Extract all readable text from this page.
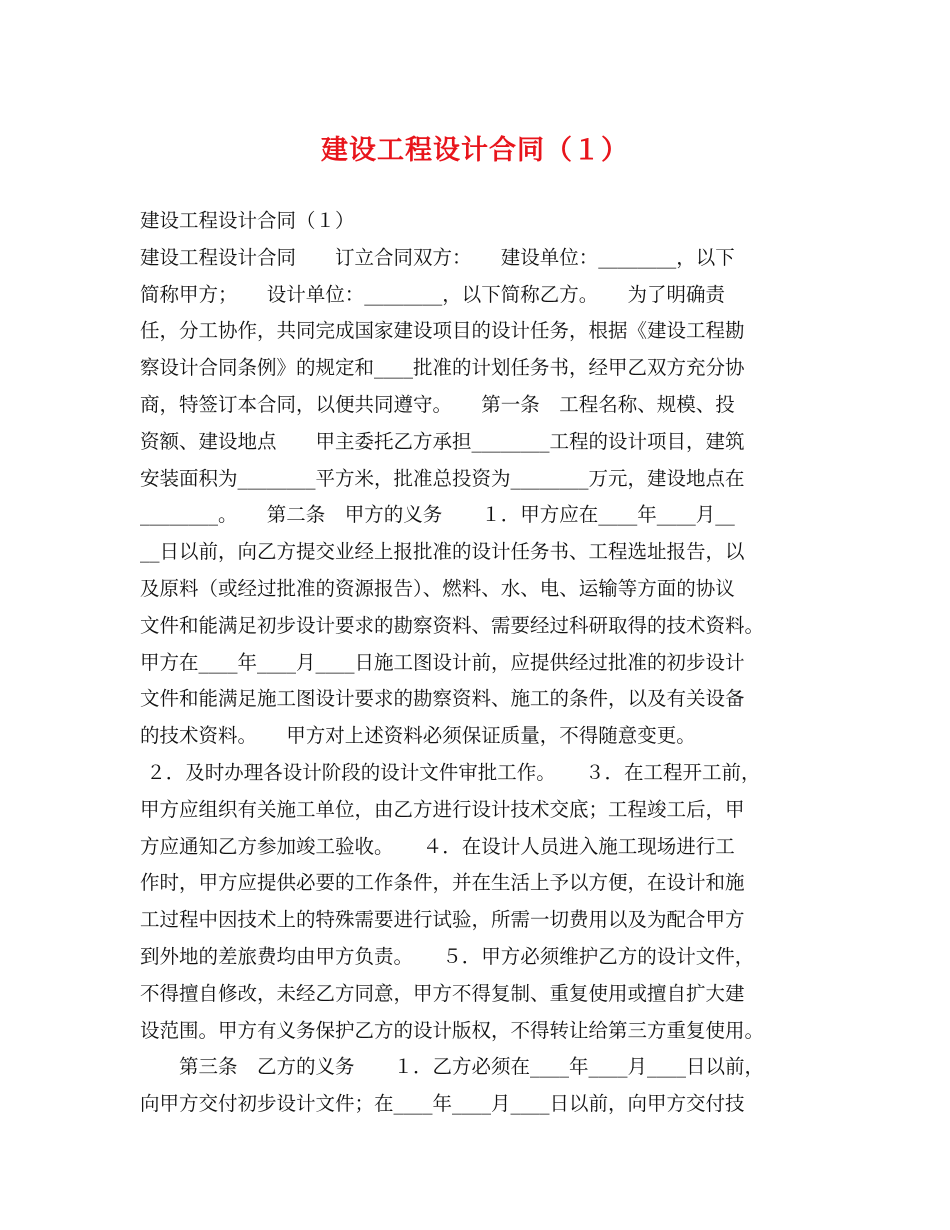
建设工程设计合同（１）
建设工程设计合同（１）
建设工程设计合同　　订立合同双方：　　建设单位：________，以下
简称甲方；　　设计单位：________，以下简称乙方。　　为了明确责
任，分工协作，共同完成国家建设项目的设计任务，根据《建设工程勘
察设计合同条例》的规定和____批准的计划任务书，经甲乙双方充分协
商，特签订本合同，以便共同遵守。　　第一条　工程名称、规模、投
资额、建设地点　　甲主委托乙方承担________工程的设计项目，建筑
安装面积为________平方米，批准总投资为________万元，建设地点在
________。　　第二条　甲方的义务　　１．甲方应在____年____月__
__日以前，向乙方提交业经上报批准的设计任务书、工程选址报告，以
及原料（或经过批准的资源报告）、燃料、水、电、运输等方面的协议
文件和能满足初步设计要求的勘察资料、需要经过科研取得的技术资料。
甲方在____年____月____日施工图设计前，应提供经过批准的初步设计
文件和能满足施工图设计要求的勘察资料、施工的条件，以及有关设备
的技术资料。　　甲方对上述资料必须保证质量，不得随意变更。
２．及时办理各设计阶段的设计文件审批工作。　　３．在工程开工前，
甲方应组织有关施工单位，由乙方进行设计技术交底；工程竣工后，甲
方应通知乙方参加竣工验收。　　４．在设计人员进入施工现场进行工
作时，甲方应提供必要的工作条件，并在生活上予以方便，在设计和施
工过程中因技术上的特殊需要进行试验，所需一切费用以及为配合甲方
到外地的差旅费均由甲方负责。　　５．甲方必须维护乙方的设计文件，
不得擅自修改，未经乙方同意，甲方不得复制、重复使用或擅自扩大建
设范围。甲方有义务保护乙方的设计版权，不得转让给第三方重复使用。
　　第三条　乙方的义务　　１．乙方必须在____年____月____日以前，
向甲方交付初步设计文件；在____年____月____日以前，向甲方交付技
